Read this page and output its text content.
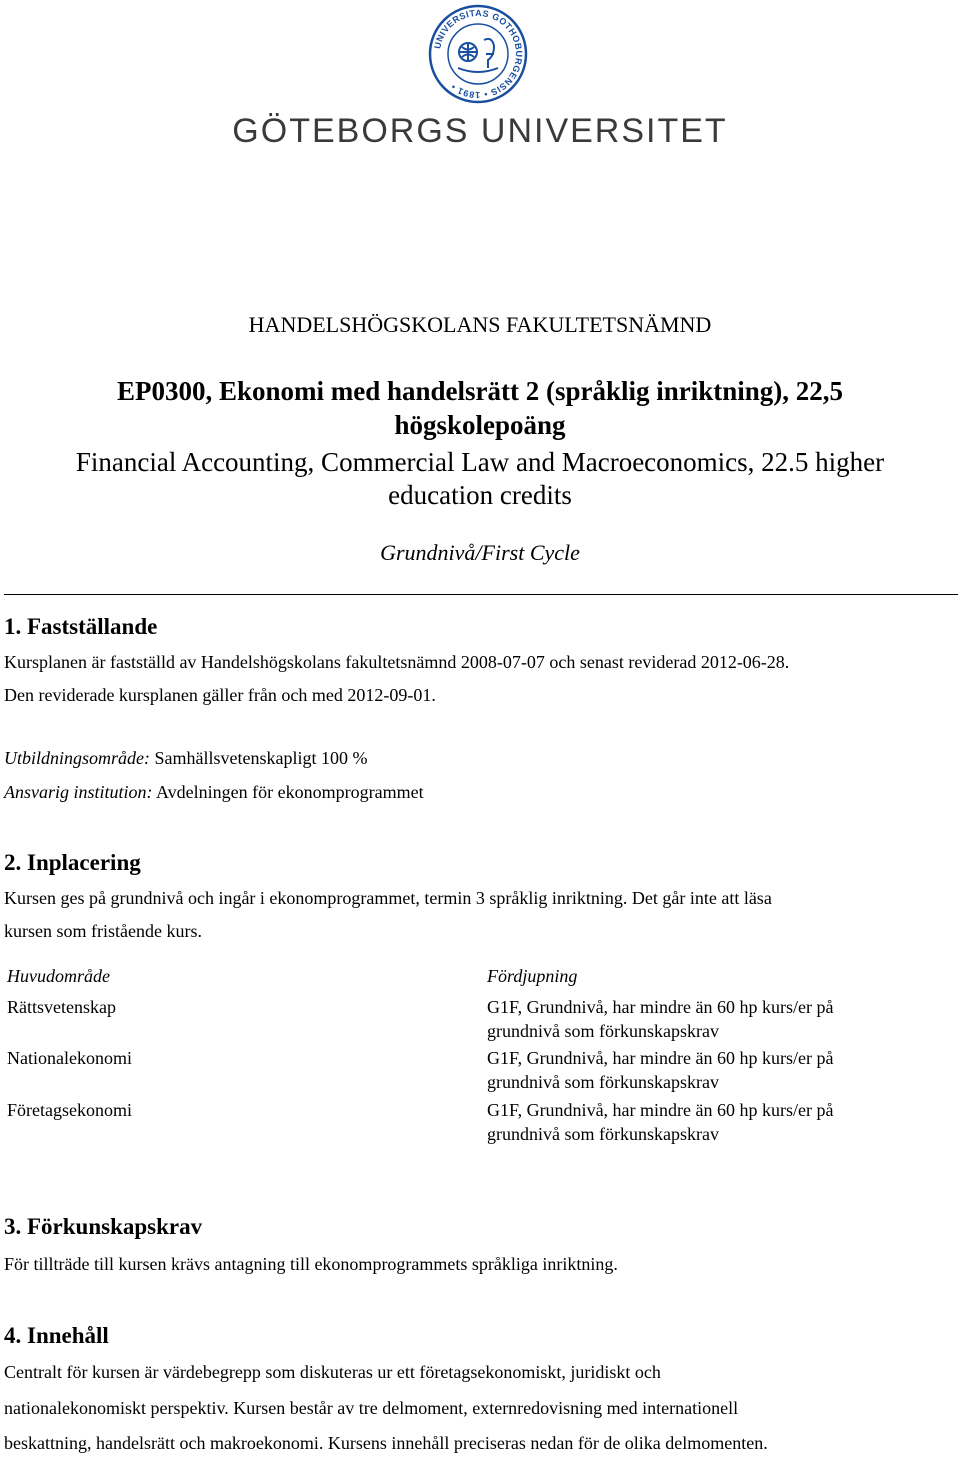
UNIVERSITAS GOTHOBURGENSIS • 1891 •
GÖTEBORGS UNIVERSITET
HANDELSHÖGSKOLANS FAKULTETSNÄMND
EP0300, Ekonomi med handelsrätt 2 (språklig inriktning), 22,5
högskolepoäng
Financial Accounting, Commercial Law and Macroeconomics, 22.5 higher
education credits
Grundnivå/First Cycle
1. Fastställande
Kursplanen är fastställd av Handelshögskolans fakultetsnämnd 2008-07-07 och senast reviderad 2012-06-28.
Den reviderade kursplanen gäller från och med 2012-09-01.
Utbildningsområde: Samhällsvetenskapligt 100 %
Ansvarig institution: Avdelningen för ekonomprogrammet
2. Inplacering
Kursen ges på grundnivå och ingår i ekonomprogrammet, termin 3 språklig inriktning. Det går inte att läsa
kursen som fristående kurs.
Huvudområde	Fördjupning
Rättsvetenskap	G1F, Grundnivå, har mindre än 60 hp kurs/er på
grundnivå som förkunskapskrav
Nationalekonomi	G1F, Grundnivå, har mindre än 60 hp kurs/er på
grundnivå som förkunskapskrav
Företagsekonomi	G1F, Grundnivå, har mindre än 60 hp kurs/er på
grundnivå som förkunskapskrav
3. Förkunskapskrav
För tillträde till kursen krävs antagning till ekonomprogrammets språkliga inriktning.
4. Innehåll
Centralt för kursen är värdebegrepp som diskuteras ur ett företagsekonomiskt, juridiskt och
nationalekonomiskt perspektiv. Kursen består av tre delmoment, externredovisning med internationell
beskattning, handelsrätt och makroekonomi. Kursens innehåll preciseras nedan för de olika delmomenten.
